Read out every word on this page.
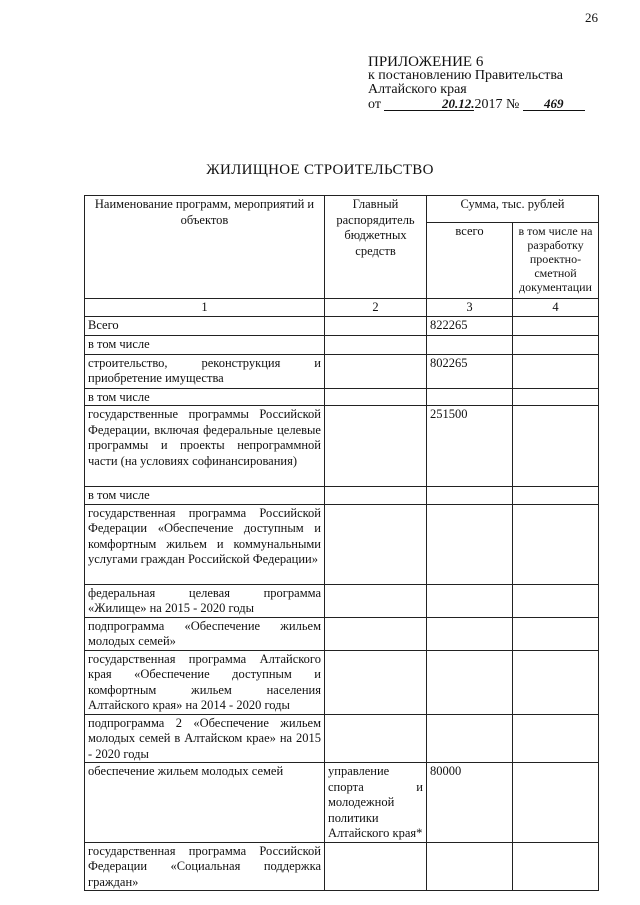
26
ПРИЛОЖЕНИЕ 6
к постановлению Правительства
Алтайского края
от	20.12.2017 № 469
ЖИЛИЩНОЕ СТРОИТЕЛЬСТВО
Наименование программ, мероприятий и объектов	Главный распорядитель бюджетных средств	Сумма, тыс. рублей	
		всего	в том числе на разработку проектно-сметной документации
1	2	3	4
Всего		822265	
в том числе			
строительство, реконструкция и приобретение имущества		802265	
в том числе			
государственные программы Российской Федерации, включая федеральные целевые программы и проекты непрограммной части (на условиях софинансирования)		251500	
в том числе			
государственная программа Российской Федерации «Обеспечение доступным и комфортным жильем и коммунальными услугами граждан Российской Федерации»			
федеральная целевая программа «Жилище» на 2015 - 2020 годы			
подпрограмма «Обеспечение жильем молодых семей»			
государственная программа Алтайского края «Обеспечение доступным и комфортным жильем населения Алтайского края» на 2014 - 2020 годы			
подпрограмма 2 «Обеспечение жильем молодых семей в Алтайском крае» на 2015 - 2020 годы			
обеспечение жильем молодых семей	управление спорта и молодежной политики Алтайского края*	80000	
государственная программа Российской Федерации «Социальная поддержка граждан»			
